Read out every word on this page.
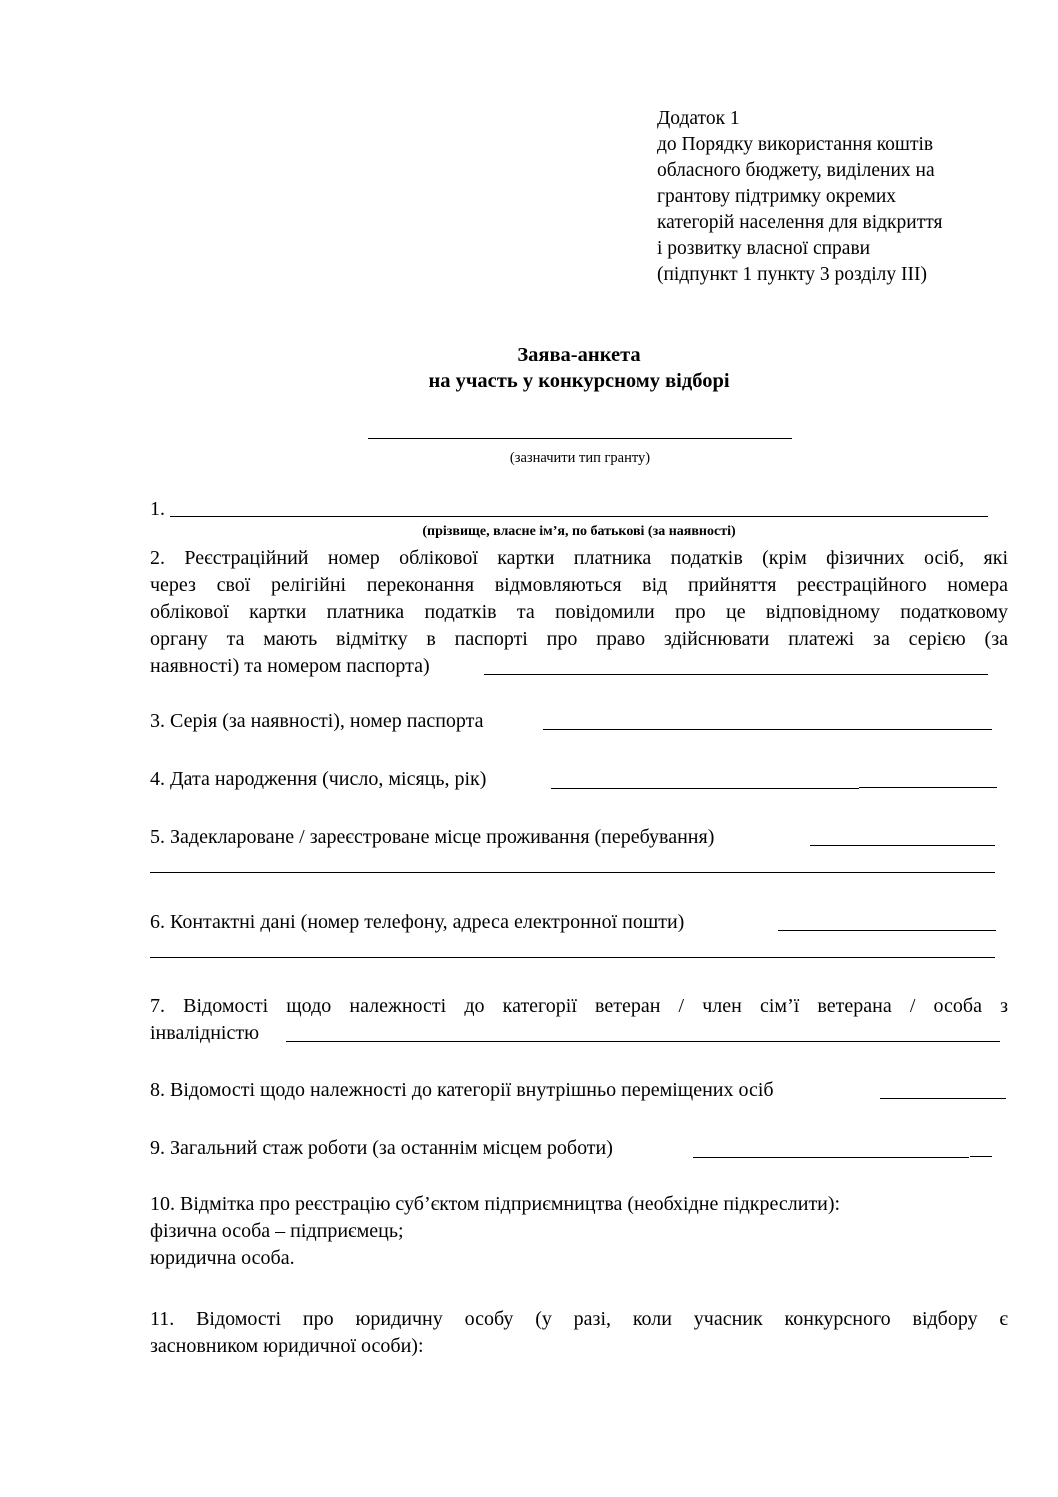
Додаток 1
до Порядку використання коштів
обласного бюджету, виділених на
грантову підтримку окремих
категорій населення для відкриття
і розвитку власної справи
(підпункт 1 пункту 3 розділу ІІІ)
Заява-анкета
на участь у конкурсному відборі
(зазначити тип гранту)
1.
(прізвище, власне ім’я, по батькові (за наявності)
2. Реєстраційний номер облікової картки платника податків (крім фізичних осіб, які
через свої релігійні переконання відмовляються від прийняття реєстраційного номера
облікової картки платника податків та повідомили про це відповідному податковому
органу та мають відмітку в паспорті про право здійснювати платежі за серією (за
наявності) та номером паспорта)
3. Серія (за наявності), номер паспорта
4. Дата народження (число, місяць, рік)
5. Задекларoване / зареєстроване місце проживання (перебування)
6. Контактні дані (номер телефону, адреса електронної пошти)
7. Відомості щодо належності до категорії ветеран / член сім’ї ветерана / особа з
інвалідністю
8. Відомості щодо належності до категорії внутрішньо переміщених осіб
9. Загальний стаж роботи (за останнім місцем роботи)
10. Відмітка про реєстрацію суб’єктом підприємництва (необхідне підкреслити):
фізична особа – підприємець;
юридична особа.
11. Відомості про юридичну особу (у разі, коли учасник конкурсного відбору є
засновником юридичної особи):
